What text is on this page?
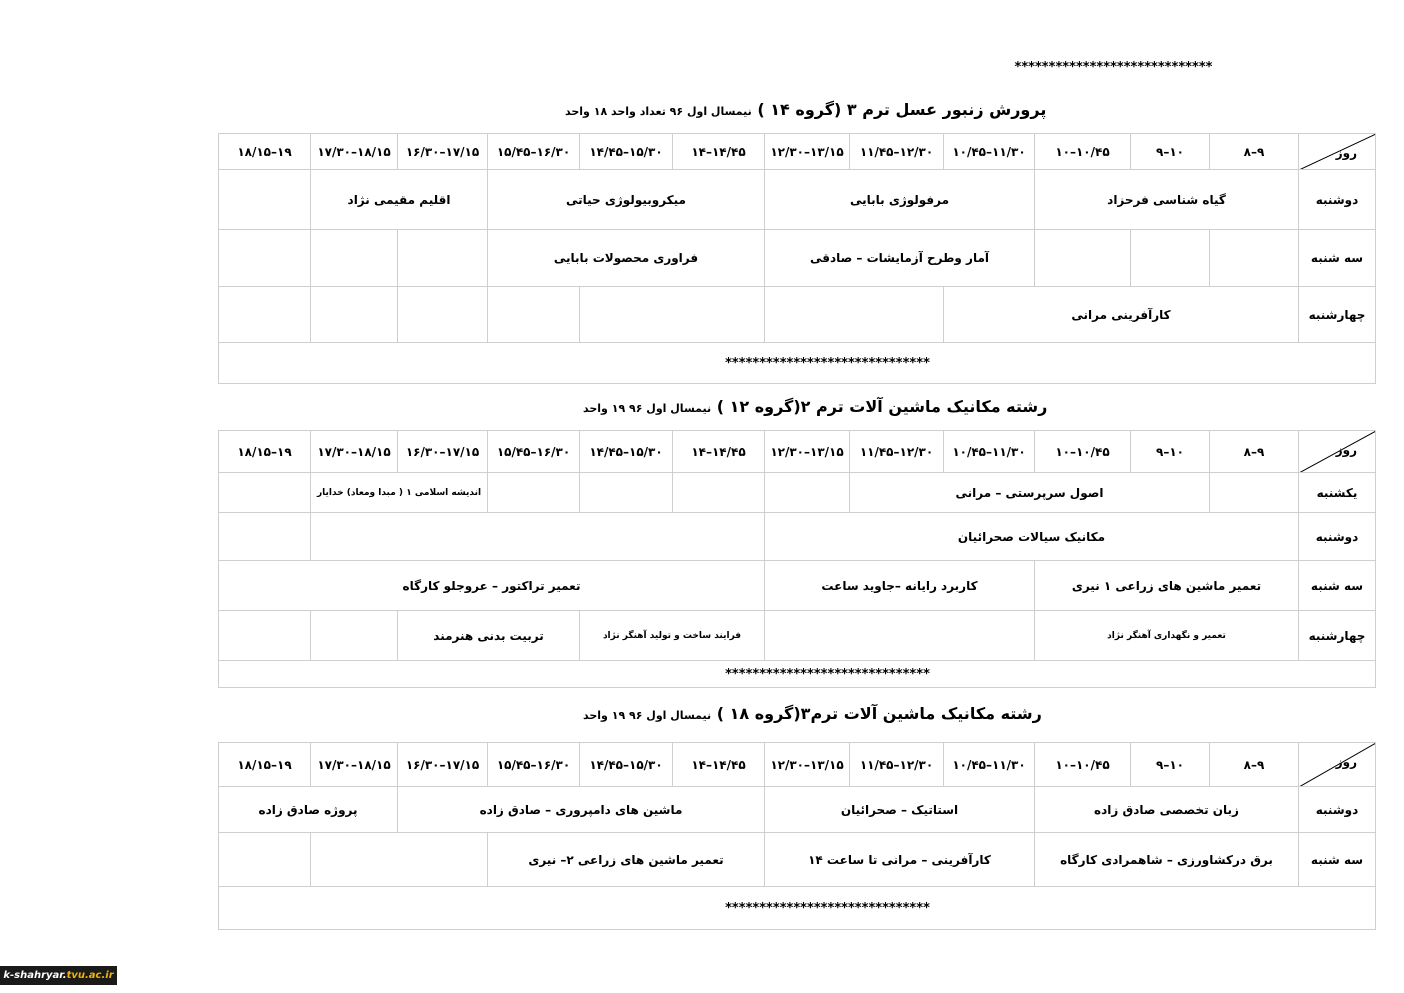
*****************************
پرورش زنبور عسل ترم ۳ (گروه ۱۴ ) نیمسال اول ۹۶ تعداد واحد ۱۸ واحد
روز	۸–۹	۹–۱۰	۱۰–۱۰/۴۵	۱۰/۴۵–۱۱/۳۰	۱۱/۴۵–۱۲/۳۰	۱۲/۳۰–۱۳/۱۵	۱۴–۱۴/۴۵	۱۴/۴۵–۱۵/۳۰	۱۵/۴۵–۱۶/۳۰	۱۶/۳۰–۱۷/۱۵	۱۷/۳۰–۱۸/۱۵	۱۸/۱۵–۱۹
دوشنبه	گیاه شناسی فرحزاد			مرفولوژی بابایی			میکروبیولوژی حیاتی			اقلیم مقیمی نژاد		
سه شنبه				آمار وطرح آزمایشات – صادقی			فراوری محصولات بابایی					
چهارشنبه	کارآفرینی مرانی											
******************************												
رشته مکانیک ماشین آلات ترم ۲(گروه ۱۲ ) نیمسال اول ۹۶ ۱۹ واحد
روز	۸–۹	۹–۱۰	۱۰–۱۰/۴۵	۱۰/۴۵–۱۱/۳۰	۱۱/۴۵–۱۲/۳۰	۱۲/۳۰–۱۳/۱۵	۱۴–۱۴/۴۵	۱۴/۴۵–۱۵/۳۰	۱۵/۴۵–۱۶/۳۰	۱۶/۳۰–۱۷/۱۵	۱۷/۳۰–۱۸/۱۵	۱۸/۱۵–۱۹
یکشنبه		اصول سرپرستی – مرانی								اندیشه اسلامی ۱ ( مبدا ومعاد) خدایار		
دوشنبه	مکانیک سیالات صحرائیان											
سه شنبه	تعمیر ماشین های زراعی ۱ نیری			کاربرد رایانه –جاوید ساعت			تعمیر تراکتور – عروجلو کارگاه					
چهارشنبه	تعمیر و نگهداری آهنگر نژاد						فرایند ساخت و تولید آهنگر نژاد		تربیت بدنی هنرمند			
******************************												
رشته مکانیک ماشین آلات ترم۳(گروه ۱۸ ) نیمسال اول ۹۶ ۱۹ واحد
روز	۸–۹	۹–۱۰	۱۰–۱۰/۴۵	۱۰/۴۵–۱۱/۳۰	۱۱/۴۵–۱۲/۳۰	۱۲/۳۰–۱۳/۱۵	۱۴–۱۴/۴۵	۱۴/۴۵–۱۵/۳۰	۱۵/۴۵–۱۶/۳۰	۱۶/۳۰–۱۷/۱۵	۱۷/۳۰–۱۸/۱۵	۱۸/۱۵–۱۹
دوشنبه	زبان تخصصی صادق زاده			استاتیک – صحرائیان			ماشین های دامپروری – صادق زاده				پروژه صادق زاده	
سه شنبه	برق درکشاورزی – شاهمرادی کارگاه			کارآفرینی – مرانی تا ساعت ۱۴			تعمیر ماشین های زراعی ۲– نیری					
******************************												
k-shahryar.tvu.ac.ir
